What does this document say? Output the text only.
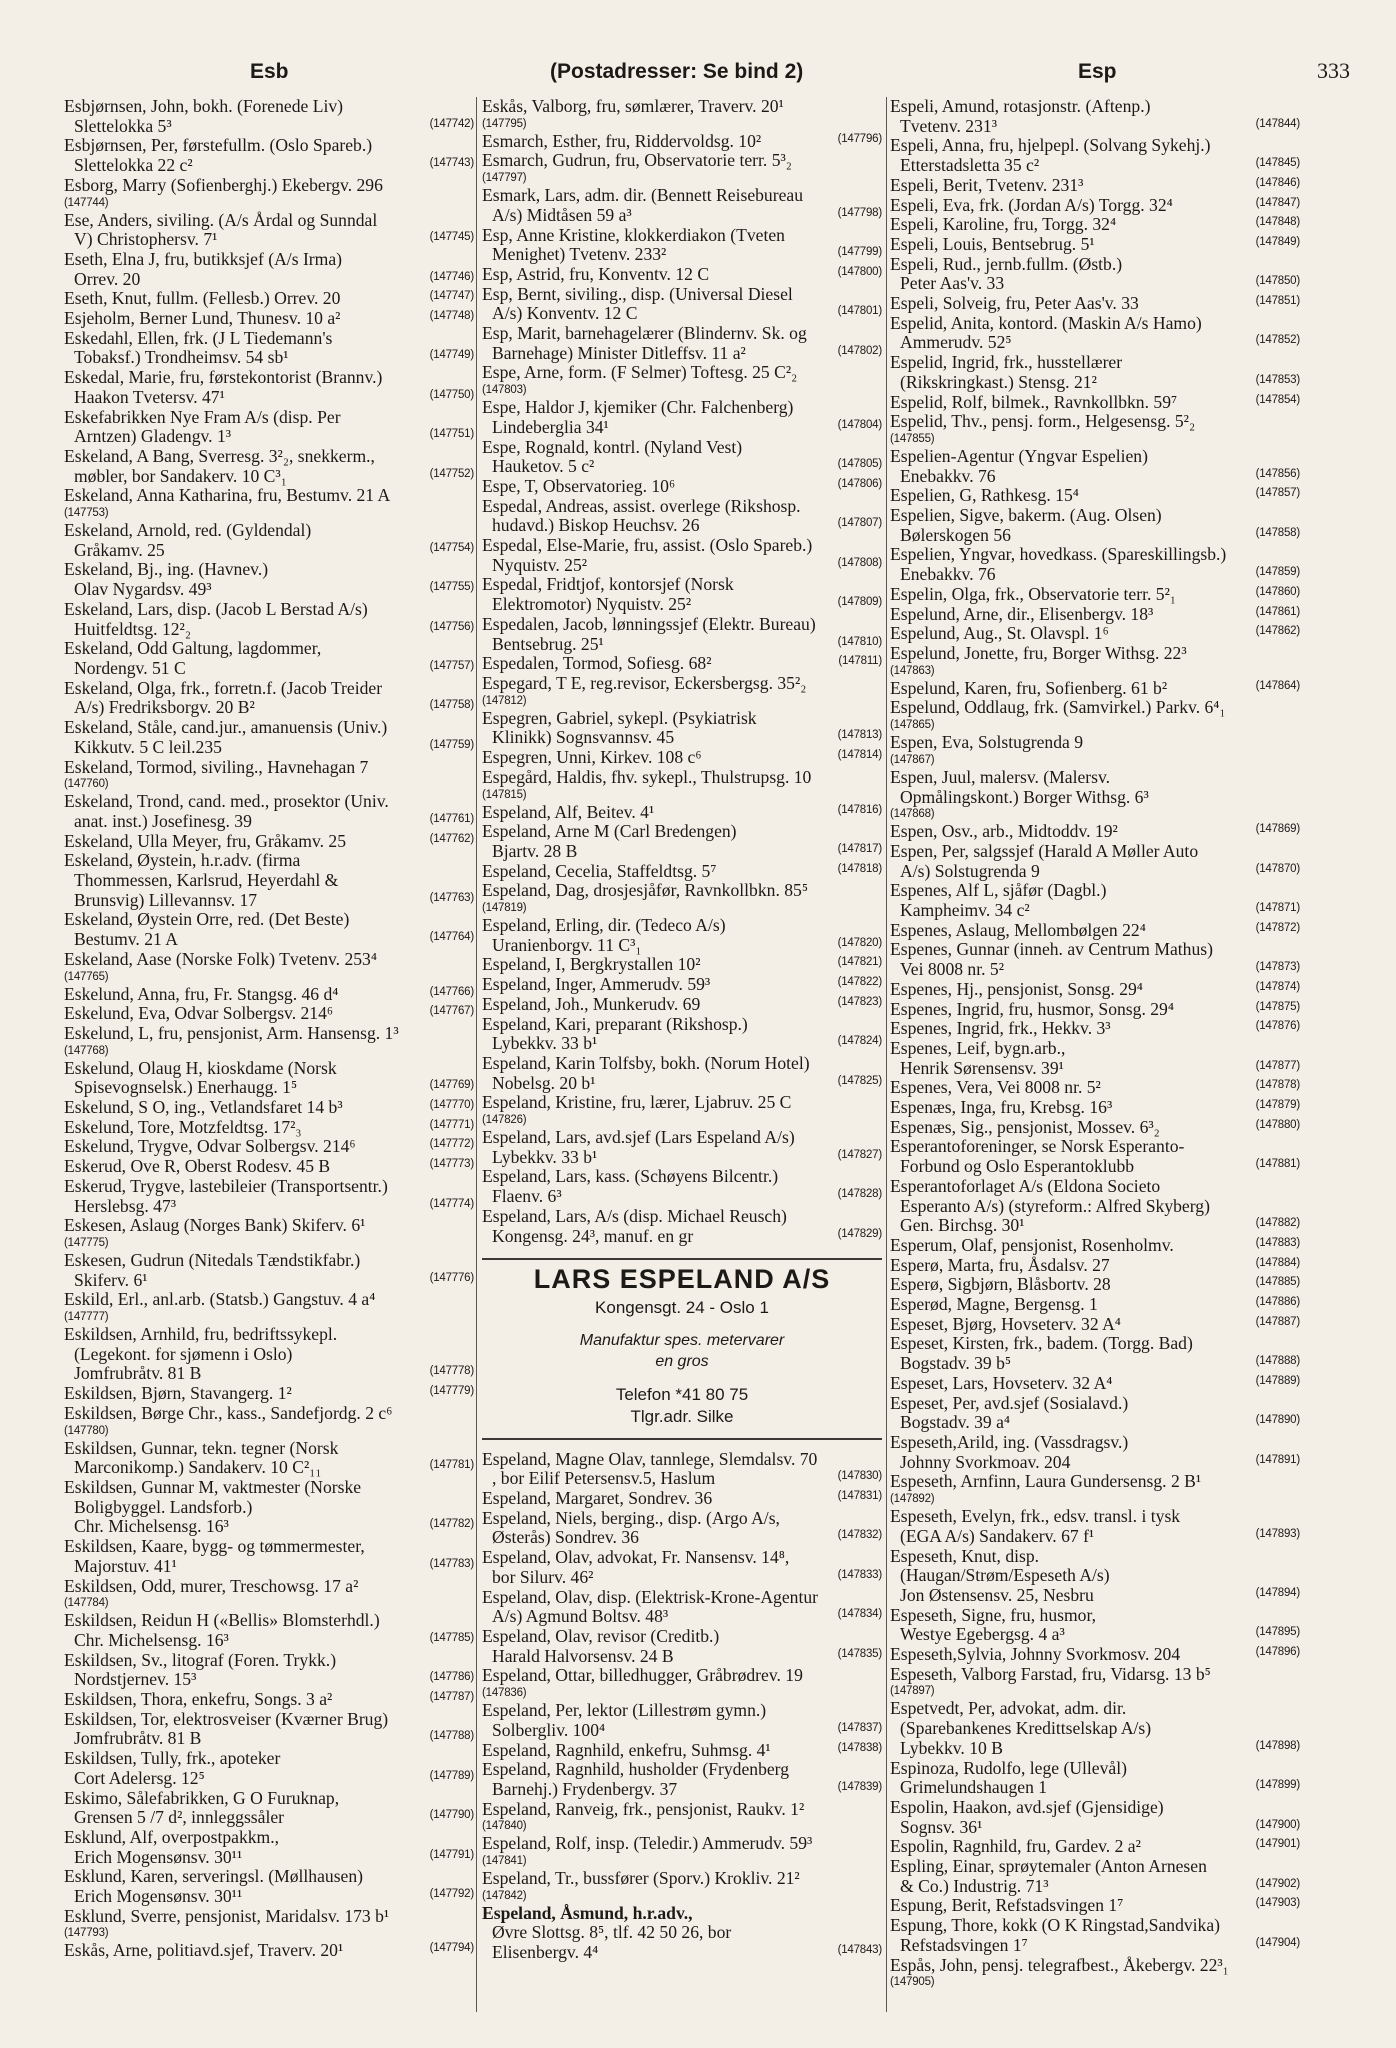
Esb	(Postadresser: Se bind 2)	Esp	333
Esbjørnsen, John, bokh. (Forenede Liv)
Slettelokka 5³	(147742)
Esbjørnsen, Per, førstefullm. (Oslo Spareb.)
Slettelokka 22 c²	(147743)
Esborg, Marry (Sofienberghj.) Ekebergv. 296
(147744)
Ese, Anders, siviling. (A/s Årdal og Sunndal
V) Christophersv. 7¹	(147745)
Eseth, Elna J, fru, butikksjef (A/s Irma)
Orrev. 20	(147746)
Eseth, Knut, fullm. (Fellesb.) Orrev. 20	(147747)
Esjeholm, Berner Lund, Thunesv. 10 a²	(147748)
Eskedahl, Ellen, frk. (J L Tiedemann's
Tobaksf.) Trondheimsv. 54 sb¹	(147749)
Eskedal, Marie, fru, førstekontorist (Brannv.)
Haakon Tvetersv. 47¹	(147750)
Eskefabrikken Nye Fram A/s (disp. Per
Arntzen) Gladengv. 1³	(147751)
Eskeland, A Bang, Sverresg. 3²₂, snekkerm.,
møbler, bor Sandakerv. 10 C³₁	(147752)
Eskeland, Anna Katharina, fru, Bestumv. 21 A
(147753)
Eskeland, Arnold, red. (Gyldendal)
Gråkamv. 25	(147754)
Eskeland, Bj., ing. (Havnev.)
Olav Nygardsv. 49³	(147755)
Eskeland, Lars, disp. (Jacob L Berstad A/s)
Huitfeldtsg. 12²₂	(147756)
Eskeland, Odd Galtung, lagdommer,
Nordengv. 51 C	(147757)
Eskeland, Olga, frk., forretn.f. (Jacob Treider
A/s) Fredriksborgv. 20 B²	(147758)
Eskeland, Ståle, cand.jur., amanuensis (Univ.)
Kikkutv. 5 C leil.235	(147759)
Eskeland, Tormod, siviling., Havnehagan 7
(147760)
Eskeland, Trond, cand. med., prosektor (Univ.
anat. inst.) Josefinesg. 39	(147761)
Eskeland, Ulla Meyer, fru, Gråkamv. 25	(147762)
Eskeland, Øystein, h.r.adv. (firma
Thommessen, Karlsrud, Heyerdahl &
Brunsvig) Lillevannsv. 17	(147763)
Eskeland, Øystein Orre, red. (Det Beste)
Bestumv. 21 A	(147764)
Eskeland, Aase (Norske Folk) Tvetenv. 253⁴
(147765)
Eskelund, Anna, fru, Fr. Stangsg. 46 d⁴	(147766)
Eskelund, Eva, Odvar Solbergsv. 214⁶	(147767)
Eskelund, L, fru, pensjonist, Arm. Hansensg. 1³
(147768)
Eskelund, Olaug H, kioskdame (Norsk
Spisevognselsk.) Enerhaugg. 1⁵	(147769)
Eskelund, S O, ing., Vetlandsfaret 14 b³	(147770)
Eskelund, Tore, Motzfeldtsg. 17²₃	(147771)
Eskelund, Trygve, Odvar Solbergsv. 214⁶	(147772)
Eskerud, Ove R, Oberst Rodesv. 45 B	(147773)
Eskerud, Trygve, lastebileier (Transportsentr.)
Herslebsg. 47³	(147774)
Eskesen, Aslaug (Norges Bank) Skiferv. 6¹
(147775)
Eskesen, Gudrun (Nitedals Tændstikfabr.)
Skiferv. 6¹	(147776)
Eskild, Erl., anl.arb. (Statsb.) Gangstuv. 4 a⁴
(147777)
Eskildsen, Arnhild, fru, bedriftssykepl.
(Legekont. for sjømenn i Oslo)
Jomfrubråtv. 81 B	(147778)
Eskildsen, Bjørn, Stavangerg. 1²	(147779)
Eskildsen, Børge Chr., kass., Sandefjordg. 2 c⁶
(147780)
Eskildsen, Gunnar, tekn. tegner (Norsk
Marconikomp.) Sandakerv. 10 C²₁₁	(147781)
Eskildsen, Gunnar M, vaktmester (Norske
Boligbyggel. Landsforb.)
Chr. Michelsensg. 16³	(147782)
Eskildsen, Kaare, bygg- og tømmermester,
Majorstuv. 41¹	(147783)
Eskildsen, Odd, murer, Treschowsg. 17 a²
(147784)
Eskildsen, Reidun H («Bellis» Blomsterhdl.)
Chr. Michelsensg. 16³	(147785)
Eskildsen, Sv., litograf (Foren. Trykk.)
Nordstjernev. 15³	(147786)
Eskildsen, Thora, enkefru, Songs. 3 a²	(147787)
Eskildsen, Tor, elektrosveiser (Kværner Brug)
Jomfrubråtv. 81 B	(147788)
Eskildsen, Tully, frk., apoteker
Cort Adelersg. 12⁵	(147789)
Eskimo, Sålefabrikken, G O Furuknap,
Grensen 5 /7 d², innleggssåler	(147790)
Esklund, Alf, overpostpakkm.,
Erich Mogensønsv. 30¹¹	(147791)
Esklund, Karen, serveringsl. (Møllhausen)
Erich Mogensønsv. 30¹¹	(147792)
Esklund, Sverre, pensjonist, Maridalsv. 173 b¹
(147793)
Eskås, Arne, politiavd.sjef, Traverv. 20¹	(147794)
Eskås, Valborg, fru, sømlærer, Traverv. 20¹
(147795)
Esmarch, Esther, fru, Riddervoldsg. 10²	(147796)
Esmarch, Gudrun, fru, Observatorie terr. 5³₂
(147797)
Esmark, Lars, adm. dir. (Bennett Reisebureau
A/s) Midtåsen 59 a³	(147798)
Esp, Anne Kristine, klokkerdiakon (Tveten
Menighet) Tvetenv. 233²	(147799)
Esp, Astrid, fru, Konventv. 12 C	(147800)
Esp, Bernt, siviling., disp. (Universal Diesel
A/s) Konventv. 12 C	(147801)
Esp, Marit, barnehagelærer (Blindernv. Sk. og
Barnehage) Minister Ditleffsv. 11 a²	(147802)
Espe, Arne, form. (F Selmer) Toftesg. 25 C²₂
(147803)
Espe, Haldor J, kjemiker (Chr. Falchenberg)
Lindeberglia 34¹	(147804)
Espe, Rognald, kontrl. (Nyland Vest)
Hauketov. 5 c²	(147805)
Espe, T, Observatorieg. 10⁶	(147806)
Espedal, Andreas, assist. overlege (Rikshosp.
hudavd.) Biskop Heuchsv. 26	(147807)
Espedal, Else-Marie, fru, assist. (Oslo Spareb.)
Nyquistv. 25²	(147808)
Espedal, Fridtjof, kontorsjef (Norsk
Elektromotor) Nyquistv. 25²	(147809)
Espedalen, Jacob, lønningssjef (Elektr. Bureau)
Bentsebrug. 25¹	(147810)
Espedalen, Tormod, Sofiesg. 68²	(147811)
Espegard, T E, reg.revisor, Eckersbergsg. 35²₂
(147812)
Espegren, Gabriel, sykepl. (Psykiatrisk
Klinikk) Sognsvannsv. 45	(147813)
Espegren, Unni, Kirkev. 108 c⁶	(147814)
Espegård, Haldis, fhv. sykepl., Thulstrupsg. 10
(147815)
Espeland, Alf, Beitev. 4¹	(147816)
Espeland, Arne M (Carl Bredengen)
Bjartv. 28 B	(147817)
Espeland, Cecelia, Staffeldtsg. 5⁷	(147818)
Espeland, Dag, drosjesjåfør, Ravnkollbkn. 85⁵
(147819)
Espeland, Erling, dir. (Tedeco A/s)
Uranienborgv. 11 C³₁	(147820)
Espeland, I, Bergkrystallen 10²	(147821)
Espeland, Inger, Ammerudv. 59³	(147822)
Espeland, Joh., Munkerudv. 69	(147823)
Espeland, Kari, preparant (Rikshosp.)
Lybekkv. 33 b¹	(147824)
Espeland, Karin Tolfsby, bokh. (Norum Hotel)
Nobelsg. 20 b¹	(147825)
Espeland, Kristine, fru, lærer, Ljabruv. 25 C
(147826)
Espeland, Lars, avd.sjef (Lars Espeland A/s)
Lybekkv. 33 b¹	(147827)
Espeland, Lars, kass. (Schøyens Bilcentr.)
Flaenv. 6³	(147828)
Espeland, Lars, A/s (disp. Michael Reusch)
Kongensg. 24³, manuf. en gr	(147829)
LARS ESPELAND A/S
Kongensgt. 24 - Oslo 1
Manufaktur spes. metervarer
en gros
Telefon *41 80 75
Tlgr.adr. Silke
Espeland, Magne Olav, tannlege, Slemdalsv. 70
, bor Eilif Petersensv.5, Haslum	(147830)
Espeland, Margaret, Sondrev. 36	(147831)
Espeland, Niels, berging., disp. (Argo A/s,
Østerås) Sondrev. 36	(147832)
Espeland, Olav, advokat, Fr. Nansensv. 14⁸,
bor Silurv. 46²	(147833)
Espeland, Olav, disp. (Elektrisk-Krone-Agentur
A/s) Agmund Boltsv. 48³	(147834)
Espeland, Olav, revisor (Creditb.)
Harald Halvorsensv. 24 B	(147835)
Espeland, Ottar, billedhugger, Gråbrødrev. 19
(147836)
Espeland, Per, lektor (Lillestrøm gymn.)
Solbergliv. 100⁴	(147837)
Espeland, Ragnhild, enkefru, Suhmsg. 4¹	(147838)
Espeland, Ragnhild, husholder (Frydenberg
Barnehj.) Frydenbergv. 37	(147839)
Espeland, Ranveig, frk., pensjonist, Raukv. 1²
(147840)
Espeland, Rolf, insp. (Teledir.) Ammerudv. 59³
(147841)
Espeland, Tr., bussfører (Sporv.) Krokliv. 21²
(147842)
Espeland, Åsmund, h.r.adv.,
Øvre Slottsg. 8⁵, tlf. 42 50 26, bor
Elisenbergv. 4⁴	(147843)
Espeli, Amund, rotasjonstr. (Aftenp.)
Tvetenv. 231³	(147844)
Espeli, Anna, fru, hjelpepl. (Solvang Sykehj.)
Etterstadsletta 35 c²	(147845)
Espeli, Berit, Tvetenv. 231³	(147846)
Espeli, Eva, frk. (Jordan A/s) Torgg. 32⁴	(147847)
Espeli, Karoline, fru, Torgg. 32⁴	(147848)
Espeli, Louis, Bentsebrug. 5¹	(147849)
Espeli, Rud., jernb.fullm. (Østb.)
Peter Aas'v. 33	(147850)
Espeli, Solveig, fru, Peter Aas'v. 33	(147851)
Espelid, Anita, kontord. (Maskin A/s Hamo)
Ammerudv. 52⁵	(147852)
Espelid, Ingrid, frk., husstellærer
(Rikskringkast.) Stensg. 21²	(147853)
Espelid, Rolf, bilmek., Ravnkollbkn. 59⁷	(147854)
Espelid, Thv., pensj. form., Helgesensg. 5²₂
(147855)
Espelien-Agentur (Yngvar Espelien)
Enebakkv. 76	(147856)
Espelien, G, Rathkesg. 15⁴	(147857)
Espelien, Sigve, bakerm. (Aug. Olsen)
Bølerskogen 56	(147858)
Espelien, Yngvar, hovedkass. (Spareskillingsb.)
Enebakkv. 76	(147859)
Espelin, Olga, frk., Observatorie terr. 5²₁	(147860)
Espelund, Arne, dir., Elisenbergv. 18³	(147861)
Espelund, Aug., St. Olavspl. 1⁶	(147862)
Espelund, Jonette, fru, Borger Withsg. 22³
(147863)
Espelund, Karen, fru, Sofienberg. 61 b²	(147864)
Espelund, Oddlaug, frk. (Samvirkel.) Parkv. 6⁴₁
(147865)
Espen, Eva, Solstugrenda 9
(147867)
Espen, Juul, malersv. (Malersv.
Opmålingskont.) Borger Withsg. 6³
(147868)
Espen, Osv., arb., Midtoddv. 19²	(147869)
Espen, Per, salgssjef (Harald A Møller Auto
A/s) Solstugrenda 9	(147870)
Espenes, Alf L, sjåfør (Dagbl.)
Kampheimv. 34 c²	(147871)
Espenes, Aslaug, Mellombølgen 22⁴	(147872)
Espenes, Gunnar (inneh. av Centrum Mathus)
Vei 8008 nr. 5²	(147873)
Espenes, Hj., pensjonist, Sonsg. 29⁴	(147874)
Espenes, Ingrid, fru, husmor, Sonsg. 29⁴	(147875)
Espenes, Ingrid, frk., Hekkv. 3³	(147876)
Espenes, Leif, bygn.arb.,
Henrik Sørensensv. 39¹	(147877)
Espenes, Vera, Vei 8008 nr. 5²	(147878)
Espenæs, Inga, fru, Krebsg. 16³	(147879)
Espenæs, Sig., pensjonist, Mossev. 6³₂	(147880)
Esperantoforeninger, se Norsk Esperanto-
Forbund og Oslo Esperantoklubb	(147881)
Esperantoforlaget A/s (Eldona Societo
Esperanto A/s) (styreform.: Alfred Skyberg)
Gen. Birchsg. 30¹	(147882)
Esperum, Olaf, pensjonist, Rosenholmv.	(147883)
Esperø, Marta, fru, Åsdalsv. 27	(147884)
Esperø, Sigbjørn, Blåsbortv. 28	(147885)
Esperød, Magne, Bergensg. 1	(147886)
Espeset, Bjørg, Hovseterv. 32 A⁴	(147887)
Espeset, Kirsten, frk., badem. (Torgg. Bad)
Bogstadv. 39 b⁵	(147888)
Espeset, Lars, Hovseterv. 32 A⁴	(147889)
Espeset, Per, avd.sjef (Sosialavd.)
Bogstadv. 39 a⁴	(147890)
Espeseth,Arild, ing. (Vassdragsv.)
Johnny Svorkmoav. 204	(147891)
Espeseth, Arnfinn, Laura Gundersensg. 2 B¹
(147892)
Espeseth, Evelyn, frk., edsv. transl. i tysk
(EGA A/s) Sandakerv. 67 f¹	(147893)
Espeseth, Knut, disp.
(Haugan/Strøm/Espeseth A/s)
Jon Østensensv. 25, Nesbru	(147894)
Espeseth, Signe, fru, husmor,
Westye Egebergsg. 4 a³	(147895)
Espeseth,Sylvia, Johnny Svorkmosv. 204	(147896)
Espeseth, Valborg Farstad, fru, Vidarsg. 13 b⁵
(147897)
Espetvedt, Per, advokat, adm. dir.
(Sparebankenes Kredittselskap A/s)
Lybekkv. 10 B	(147898)
Espinoza, Rudolfo, lege (Ullevål)
Grimelundshaugen 1	(147899)
Espolin, Haakon, avd.sjef (Gjensidige)
Sognsv. 36¹	(147900)
Espolin, Ragnhild, fru, Gardev. 2 a²	(147901)
Espling, Einar, sprøytemaler (Anton Arnesen
& Co.) Industrig. 71³	(147902)
Espung, Berit, Refstadsvingen 1⁷	(147903)
Espung, Thore, kokk (O K Ringstad,Sandvika)
Refstadsvingen 1⁷	(147904)
Espås, John, pensj. telegrafbest., Åkebergv. 22³₁
(147905)
